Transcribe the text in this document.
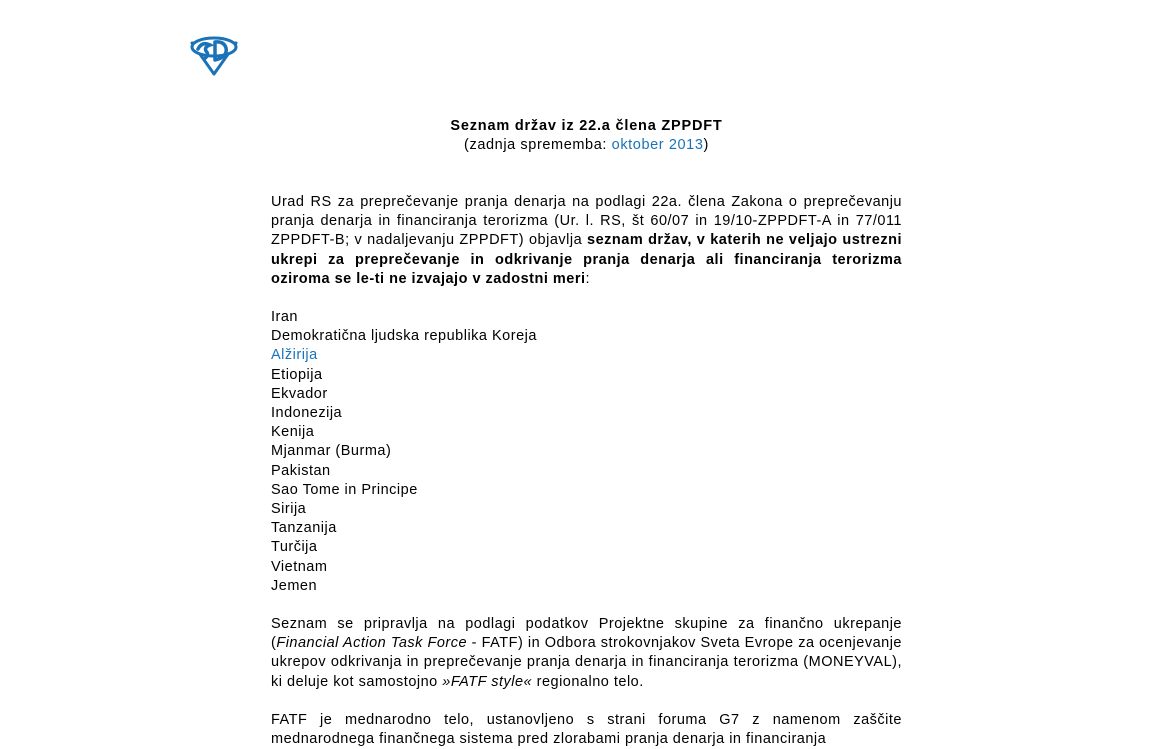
Seznam držav iz 22.a člena ZPPDFT
(zadnja sprememba: oktober 2013)

Urad RS za preprečevanje pranja denarja na podlagi 22a. člena Zakona o preprečevanju pranja denarja in financiranja terorizma (Ur. l. RS, št 60/07 in 19/10-ZPPDFT-A in 77/011 ZPPDFT-B; v nadaljevanju ZPPDFT) objavlja seznam držav, v katerih ne veljajo ustrezni ukrepi za preprečevanje in odkrivanje pranja denarja ali financiranja terorizma oziroma se le-ti ne izvajajo v zadostni meri:

Iran
Demokratična ljudska republika Koreja
Alžirija
Etiopija
Ekvador
Indonezija
Kenija
Mjanmar (Burma)
Pakistan
Sao Tome in Principe
Sirija
Tanzanija
Turčija
Vietnam
Jemen

Seznam se pripravlja na podlagi podatkov Projektne skupine za finančno ukrepanje (Financial Action Task Force - FATF) in Odbora strokovnjakov Sveta Evrope za ocenjevanje ukrepov odkrivanja in preprečevanje pranja denarja in financiranja terorizma (MONEYVAL), ki deluje kot samostojno »FATF style« regionalno telo.

FATF je mednarodno telo, ustanovljeno s strani foruma G7 z namenom zaščite mednarodnega finančnega sistema pred zlorabami pranja denarja in financiranja
